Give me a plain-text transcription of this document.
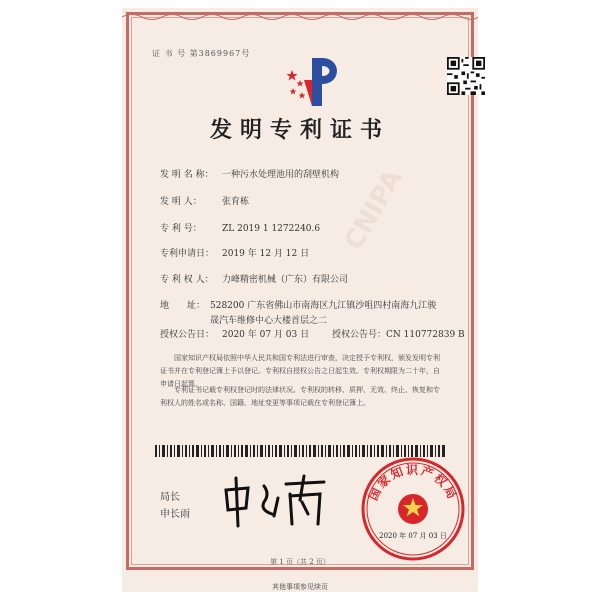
证 书 号 第3869967号
CNIPA
发明专利证书
发 明 名 称： 一种污水处理池用的刮壁机构
发 明 人： 张育栋
专 利 号： ZL 2019 1 1272240.6
专利申请日： 2019 年 12 月 12 日
专 利 权 人： 力峰精密机械（广东）有限公司
地　　址： 528200 广东省佛山市南海区九江镇沙咀四村南海九江骏
晟汽车维修中心大楼首层之二
授权公告日： 2020 年 07 月 03 日	授权公告号：CN 110772839 B
国家知识产权局依照中华人民共和国专利法进行审查，决定授予专利权，颁发发明专利证书并在专利登记簿上予以登记。专利权自授权公告之日起生效。专利权期限为二十年，自申请日起算。
专利证书记载专利权登记时的法律状况。专利权的转移、质押、无效、终止、恢复和专利权人的姓名或名称、国籍、地址变更等事项记载在专利登记簿上。
局长
申长雨
国家知识产权局
2020 年 07 月 03 日
第 1 页（共 2 页）
其他事项参见续页
